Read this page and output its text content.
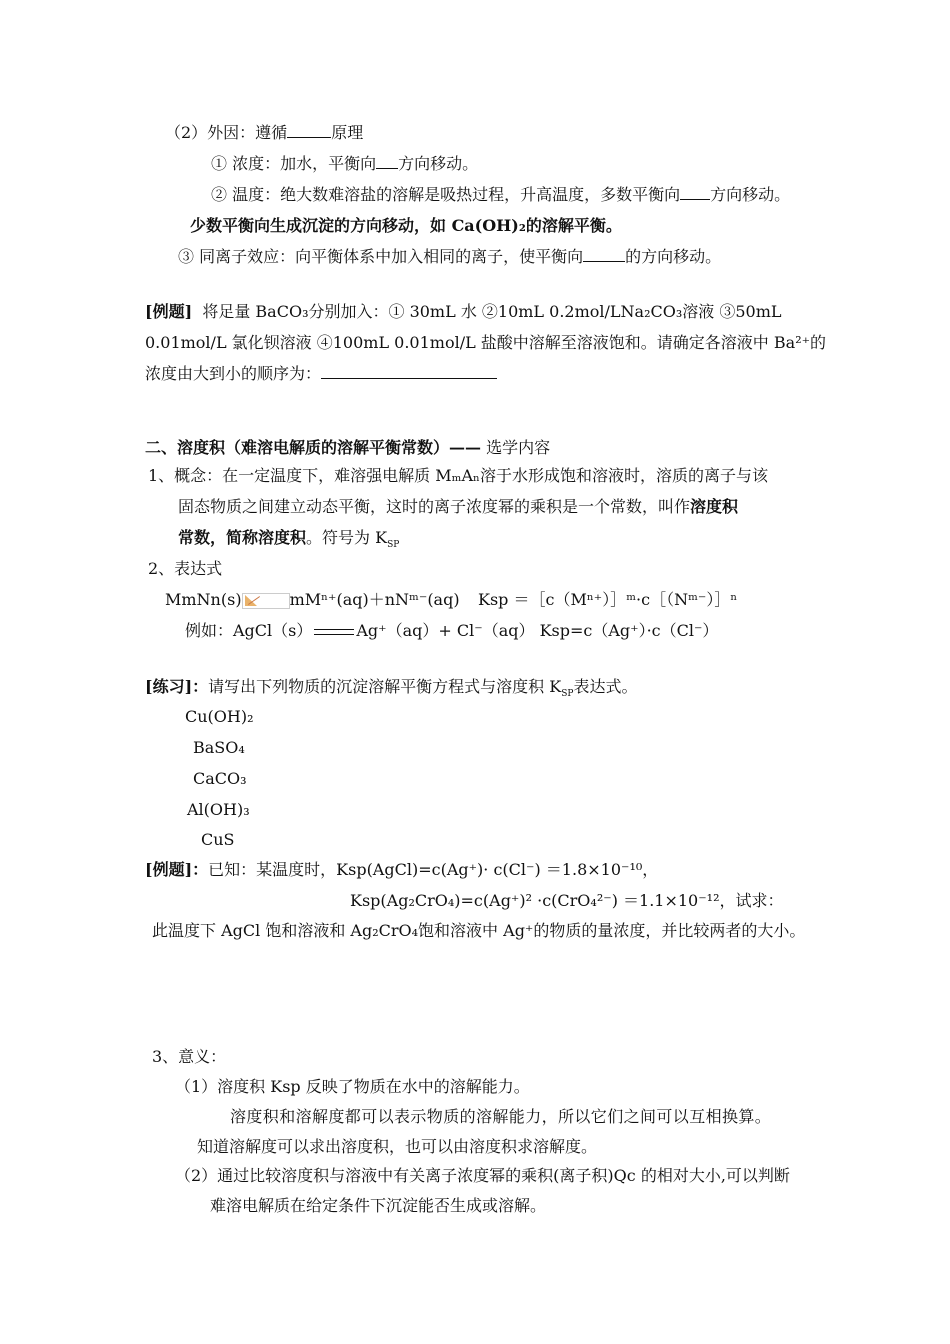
（2）外因：遵循	原理
① 浓度：加水，平衡向 方向移动。
② 温度：绝大数难溶盐的溶解是吸热过程，升高温度，多数平衡向 方向移动。
少数平衡向生成沉淀的方向移动，如 Ca(OH)₂的溶解平衡。
③ 同离子效应：向平衡体系中加入相同的离子，使平衡向	的方向移动。
[例题] 将足量 BaCO₃分别加入：① 30mL 水 ②10mL 0.2mol/LNa₂CO₃溶液 ③50mL
0.01mol/L 氯化钡溶液 ④100mL 0.01mol/L 盐酸中溶解至溶液饱和。请确定各溶液中 Ba²⁺的
浓度由大到小的顺序为：
二、溶度积（难溶电解质的溶解平衡常数）—— 选学内容
1、概念：在一定温度下，难溶强电解质 MₘAₙ溶于水形成饱和溶液时，溶质的离子与该
固态物质之间建立动态平衡，这时的离子浓度幂的乘积是一个常数，叫作溶度积
常数，简称溶度积。符号为 $K_{SP}$
2、表达式
MmNn(s)	mMⁿ⁺(aq)＋nNᵐ⁻(aq) Ksp ＝［c（Mⁿ⁺）］ᵐ·c［（Nᵐ⁻）］ⁿ
例如：AgCl（s）	Ag⁺（aq）+ Cl⁻（aq） Ksp=c（Ag⁺）·c（Cl⁻）
[练习]：请写出下列物质的沉淀溶解平衡方程式与溶度积 $K_{SP}$表达式。
Cu(OH)₂
BaSO₄
CaCO₃
Al(OH)₃
CuS
[例题]：已知：某温度时，Ksp(AgCl)=c(Ag⁺)· c(Cl⁻) ＝1.8×10⁻¹⁰，
Ksp(Ag₂CrO₄)=c(Ag⁺)² ·c(CrO₄²⁻) ＝1.1×10⁻¹²，试求：
此温度下 AgCl 饱和溶液和 Ag₂CrO₄饱和溶液中 Ag⁺的物质的量浓度，并比较两者的大小。
3、意义：
（1）溶度积 Ksp 反映了物质在水中的溶解能力。
溶度积和溶解度都可以表示物质的溶解能力，所以它们之间可以互相换算。
知道溶解度可以求出溶度积，也可以由溶度积求溶解度。
（2）通过比较溶度积与溶液中有关离子浓度幂的乘积(离子积)Qc 的相对大小,可以判断
难溶电解质在给定条件下沉淀能否生成或溶解。
